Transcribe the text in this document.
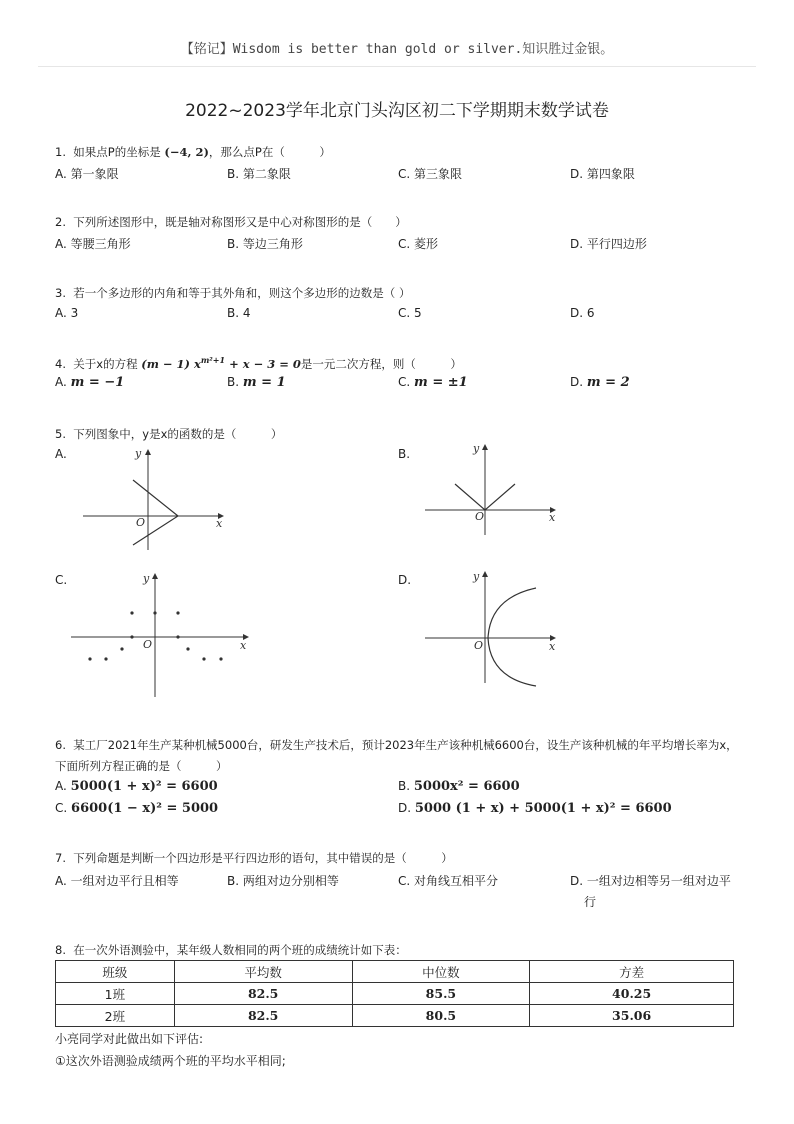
【铭记】Wisdom is better than gold or silver.知识胜过金银。
2022~2023学年北京门头沟区初二下学期期末数学试卷
1. 如果点P的坐标是 (−4, 2)，那么点P在（　　　）
A. 第一象限	B. 第二象限	C. 第三象限	D. 第四象限
2. 下列所述图形中，既是轴对称图形又是中心对称图形的是（　　）
A. 等腰三角形	B. 等边三角形	C. 菱形	D. 平行四边形
3. 若一个多边形的内角和等于其外角和，则这个多边形的边数是（ ）
A. 3	B. 4	C. 5	D. 6
4. 关于x的方程 (m − 1) $x^{m^2+1} + x - 3 = 0$是一元二次方程，则（　　　）
A. m = −1	B. m = 1	C. m = ±1	D. m = 2
5. 下列图象中，y是x的函数的是（　　　）
A.
x
y
O
B.
x
y
O
C.
x
y
O
D.
x
y
O
6. 某工厂2021年生产某种机械5000台，研发生产技术后，预计2023年生产该种机械6600台，设生产该种机械的年平均增长率为x，
下面所列方程正确的是（　　　）
A. 5000(1 + x)² = 6600	B. 5000x² = 6600
C. 6600(1 − x)² = 5000	D. 5000 (1 + x) + 5000(1 + x)² = 6600
7. 下列命题是判断一个四边形是平行四边形的语句，其中错误的是（　　　）
A. 一组对边平行且相等	B. 两组对边分别相等	C. 对角线互相平分	D. 一组对边相等另一组对边平
行
8. 在一次外语测验中，某年级人数相同的两个班的成绩统计如下表：
班级	平均数	中位数	方差
1班	82.5	85.5	40.25
2班	82.5	80.5	35.06
小亮同学对此做出如下评估:
①这次外语测验成绩两个班的平均水平相同;
